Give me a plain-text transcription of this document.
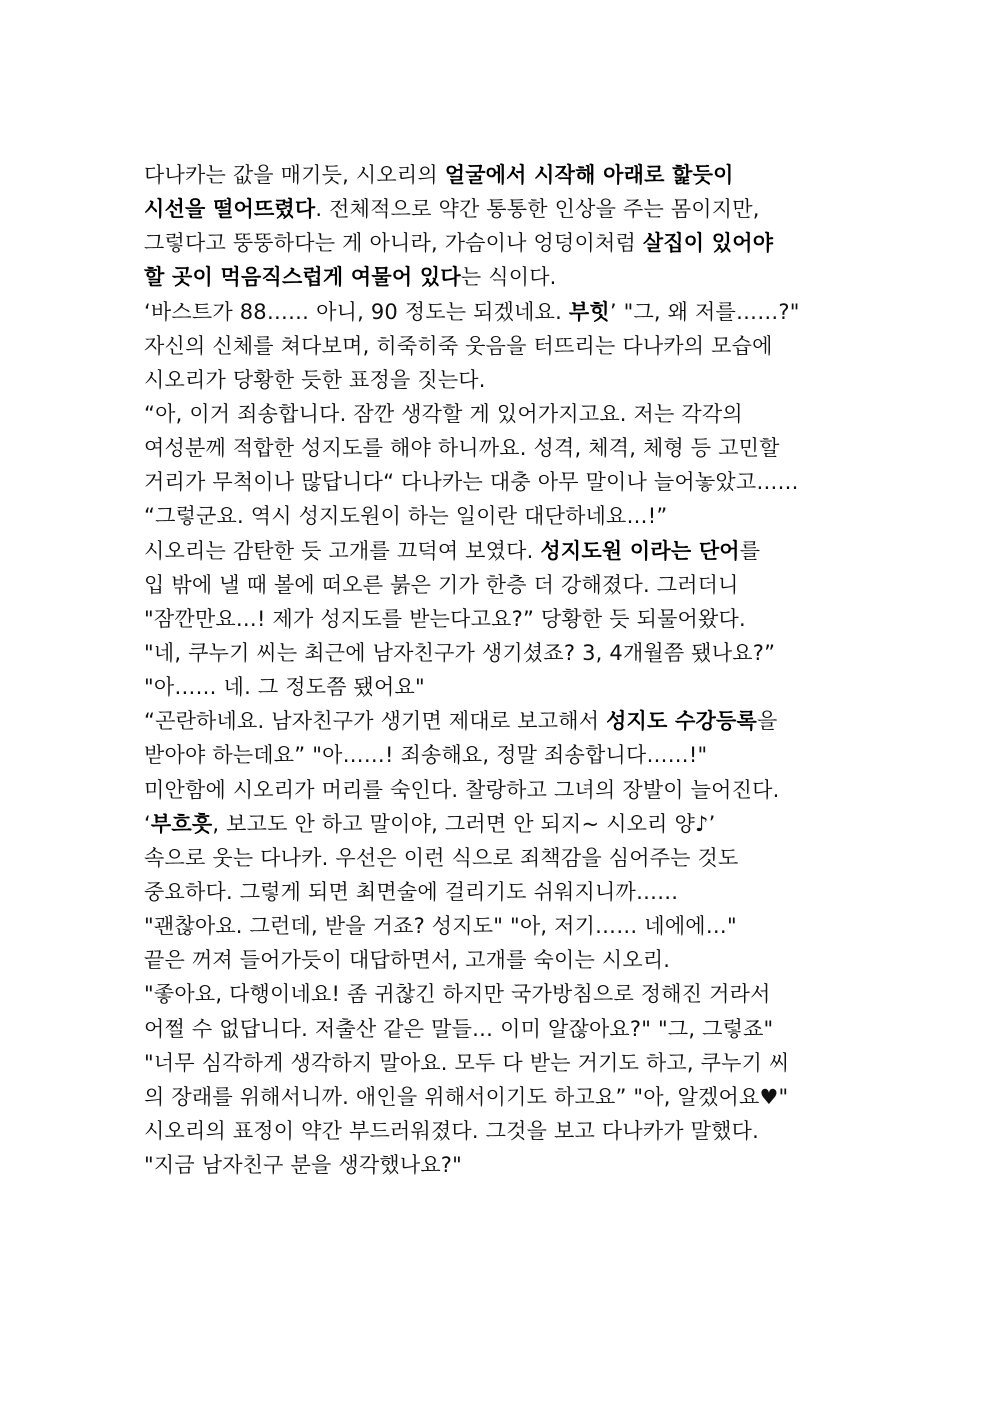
다나카는 값을 매기듯, 시오리의 얼굴에서 시작해 아래로 핥듯이
시선을 떨어뜨렸다. 전체적으로 약간 통통한 인상을 주는 몸이지만,
그렇다고 뚱뚱하다는 게 아니라, 가슴이나 엉덩이처럼 살집이 있어야
할 곳이 먹음직스럽게 여물어 있다는 식이다.
‘바스트가 88…… 아니, 90 정도는 되겠네요. 부힛’ "그, 왜 저를……?"
자신의 신체를 쳐다보며, 히죽히죽 웃음을 터뜨리는 다나카의 모습에
시오리가 당황한 듯한 표정을 짓는다.
“아, 이거 죄송합니다. 잠깐 생각할 게 있어가지고요. 저는 각각의
여성분께 적합한 성지도를 해야 하니까요. 성격, 체격, 체형 등 고민할
거리가 무척이나 많답니다“ 다나카는 대충 아무 말이나 늘어놓았고……
“그렇군요. 역시 성지도원이 하는 일이란 대단하네요…!”
시오리는 감탄한 듯 고개를 끄덕여 보였다. 성지도원 이라는 단어를
입 밖에 낼 때 볼에 떠오른 붉은 기가 한층 더 강해졌다. 그러더니
"잠깐만요…! 제가 성지도를 받는다고요?” 당황한 듯 되물어왔다.
"네, 쿠누기 씨는 최근에 남자친구가 생기셨죠? 3, 4개월쯤 됐나요?”
"아…… 네. 그 정도쯤 됐어요"
“곤란하네요. 남자친구가 생기면 제대로 보고해서 성지도 수강등록을
받아야 하는데요” "아……! 죄송해요, 정말 죄송합니다……!"
미안함에 시오리가 머리를 숙인다. 찰랑하고 그녀의 장발이 늘어진다.
‘부흐흣, 보고도 안 하고 말이야, 그러면 안 되지~ 시오리 양♪’
속으로 웃는 다나카. 우선은 이런 식으로 죄책감을 심어주는 것도
중요하다. 그렇게 되면 최면술에 걸리기도 쉬워지니까……
"괜찮아요. 그런데, 받을 거죠? 성지도" "아, 저기…… 네에에…"
끝은 꺼져 들어가듯이 대답하면서, 고개를 숙이는 시오리.
"좋아요, 다행이네요! 좀 귀찮긴 하지만 국가방침으로 정해진 거라서
어쩔 수 없답니다. 저출산 같은 말들… 이미 알잖아요?" "그, 그렇죠"
"너무 심각하게 생각하지 말아요. 모두 다 받는 거기도 하고, 쿠누기 씨
의 장래를 위해서니까. 애인을 위해서이기도 하고요” "아, 알겠어요♥"
시오리의 표정이 약간 부드러워졌다. 그것을 보고 다나카가 말했다.
"지금 남자친구 분을 생각했나요?"
